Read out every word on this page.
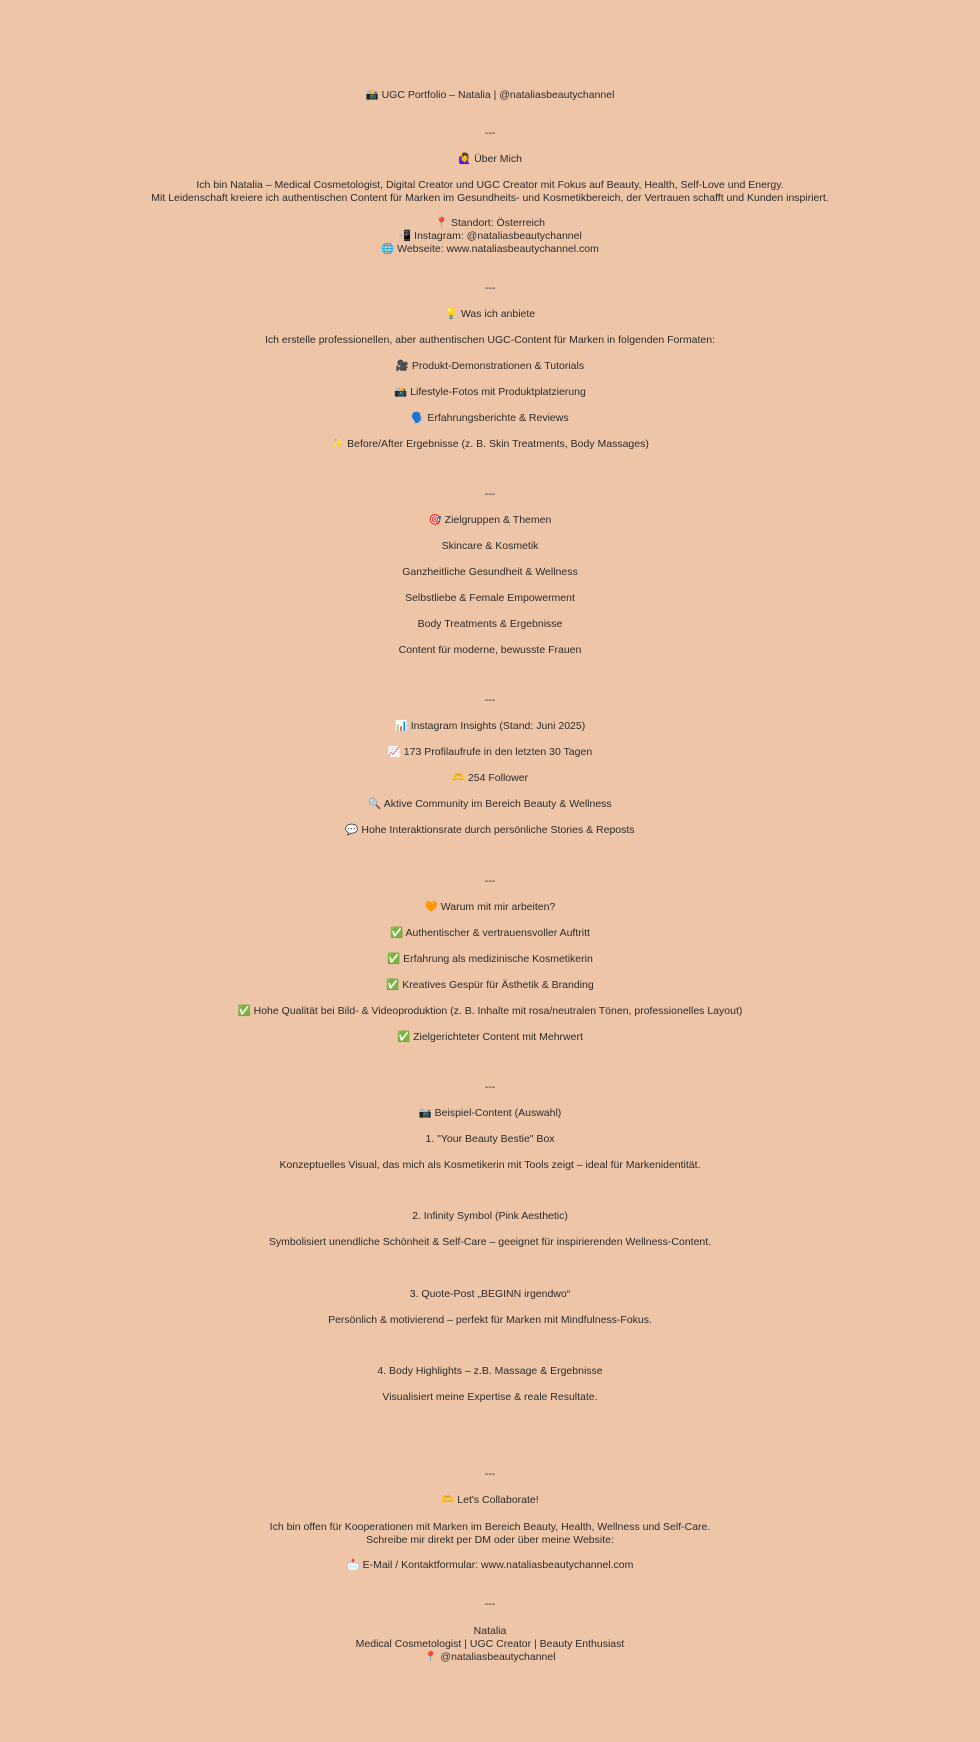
📸 UGC Portfolio – Natalia | @nataliasbeautychannel
---
🙋‍♀️ Über Mich
Ich bin Natalia – Medical Cosmetologist, Digital Creator und UGC Creator mit Fokus auf Beauty, Health, Self-Love und Energy.
Mit Leidenschaft kreiere ich authentischen Content für Marken im Gesundheits- und Kosmetikbereich, der Vertrauen schafft und Kunden inspiriert.
📍 Standort: Österreich
📲 Instagram: @nataliasbeautychannel
🌐 Webseite: www.nataliasbeautychannel.com
---
💡 Was ich anbiete
Ich erstelle professionellen, aber authentischen UGC-Content für Marken in folgenden Formaten:
🎥 Produkt-Demonstrationen & Tutorials
📸 Lifestyle-Fotos mit Produktplatzierung
🗣️ Erfahrungsberichte & Reviews
✨ Before/After Ergebnisse (z. B. Skin Treatments, Body Massages)
---
🎯 Zielgruppen & Themen
Skincare & Kosmetik
Ganzheitliche Gesundheit & Wellness
Selbstliebe & Female Empowerment
Body Treatments & Ergebnisse
Content für moderne, bewusste Frauen
---
📊 Instagram Insights (Stand: Juni 2025)
📈 173 Profilaufrufe in den letzten 30 Tagen
🫶 254 Follower
🔍 Aktive Community im Bereich Beauty & Wellness
💬 Hohe Interaktionsrate durch persönliche Stories & Reposts
---
🧡 Warum mit mir arbeiten?
✅ Authentischer & vertrauensvoller Auftritt
✅ Erfahrung als medizinische Kosmetikerin
✅ Kreatives Gespür für Ästhetik & Branding
✅ Hohe Qualität bei Bild- & Videoproduktion (z. B. Inhalte mit rosa/neutralen Tönen, professionelles Layout)
✅ Zielgerichteter Content mit Mehrwert
---
📷 Beispiel-Content (Auswahl)
1. "Your Beauty Bestie" Box
Konzeptuelles Visual, das mich als Kosmetikerin mit Tools zeigt – ideal für Markenidentität.
2. Infinity Symbol (Pink Aesthetic)
Symbolisiert unendliche Schönheit & Self-Care – geeignet für inspirierenden Wellness-Content.
3. Quote-Post „BEGINN irgendwo“
Persönlich & motivierend – perfekt für Marken mit Mindfulness-Fokus.
4. Body Highlights – z.B. Massage & Ergebnisse
Visualisiert meine Expertise & reale Resultate.
---
🫶 Let's Collaborate!
Ich bin offen für Kooperationen mit Marken im Bereich Beauty, Health, Wellness und Self-Care.
Schreibe mir direkt per DM oder über meine Website:
📩 E-Mail / Kontaktformular: www.nataliasbeautychannel.com
---
Natalia
Medical Cosmetologist | UGC Creator | Beauty Enthusiast
📍 @nataliasbeautychannel
